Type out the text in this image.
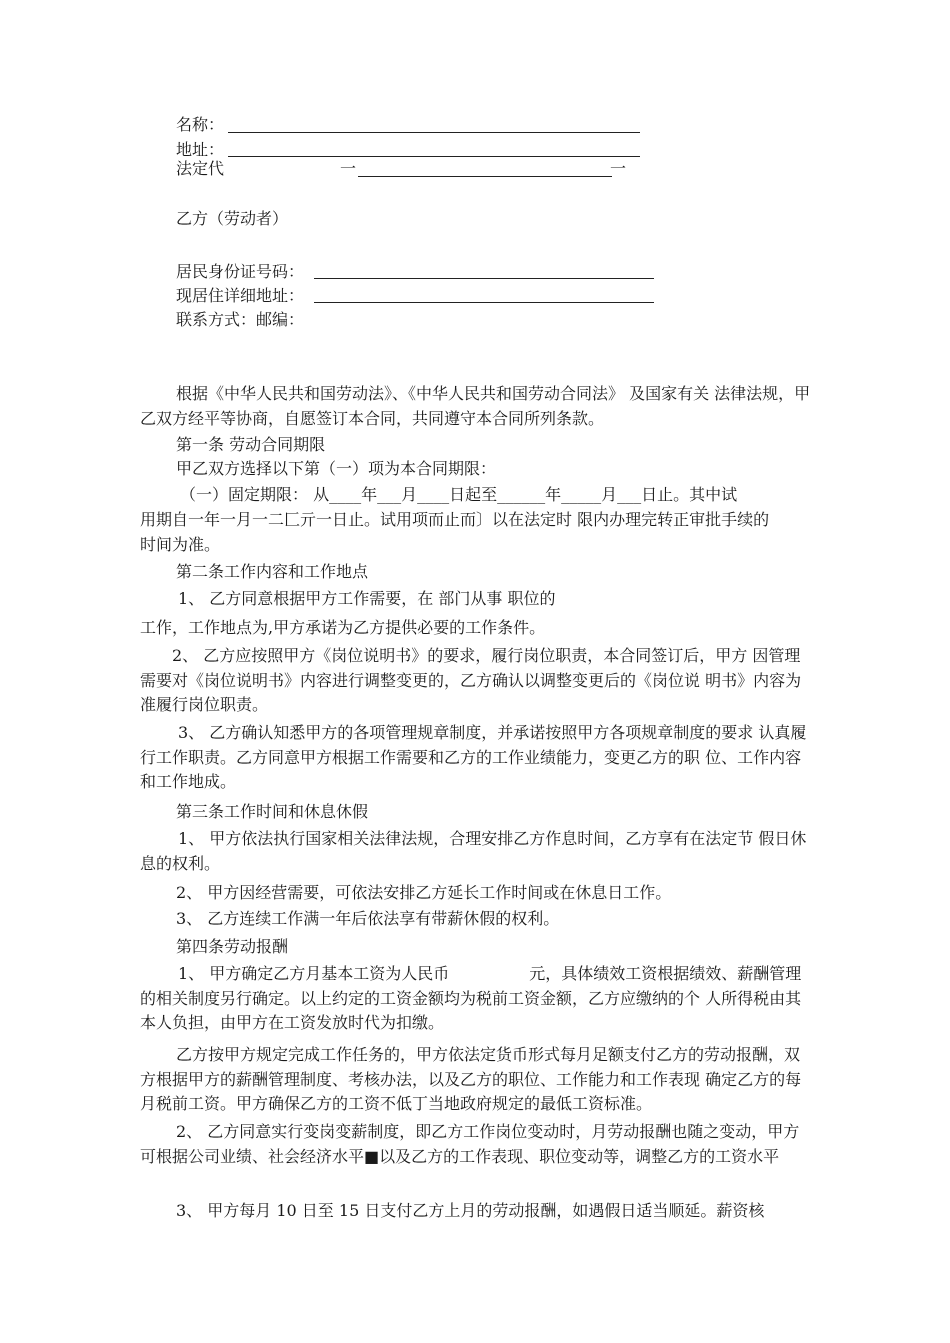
名称：
地址：
法定代	一	一
乙方（劳动者）
居民身份证号码：
现居住详细地址：
联系方式：邮编：
根据《中华人民共和国劳动法》、《中华人民共和国劳动合同法》 及国家有关 法律法规，甲乙双方经平等协商，自愿签订本合同，共同遵守本合同所列条款。
第一条 劳动合同期限
甲乙双方选择以下第（一）项为本合同期限：
（一）固定期限： 从____年___月____日起至______年_____月___日止。其中试
用期自一年一月一二匚亓一日止。试用项而止而〕以在法定时 限内办理完转正审批手续的
时间为准。
第二条工作内容和工作地点
1、 乙方同意根据甲方工作需要，在 部门从事 职位的
工作，工作地点为,甲方承诺为乙方提供必要的工作条件。
2、 乙方应按照甲方《岗位说明书》的要求，履行岗位职责，本合同签订后，甲方 因管理需要对《岗位说明书》内容进行调整变更的，乙方确认以调整变更后的《岗位说 明书》内容为准履行岗位职责。
3、 乙方确认知悉甲方的各项管理规章制度，并承诺按照甲方各项规章制度的要求 认真履行工作职责。乙方同意甲方根据工作需要和乙方的工作业绩能力，变更乙方的职 位、工作内容和工作地成。
第三条工作时间和休息休假
1、 甲方依法执行国家相关法律法规，合理安排乙方作息时间，乙方享有在法定节 假日休息的权利。
2、 甲方因经营需要，可依法安排乙方延长工作时间或在休息日工作。
3、 乙方连续工作满一年后依法享有带薪休假的权利。
第四条劳动报酬
1、 甲方确定乙方月基本工资为人民币　　　　　元，具体绩效工资根据绩效、薪酬管理的相关制度另行确定。以上约定的工资金额均为税前工资金额，乙方应缴纳的个 人所得税由其本人负担，由甲方在工资发放时代为扣缴。
乙方按甲方规定完成工作任务的，甲方依法定货币形式每月足额支付乙方的劳动报酬，双方根据甲方的薪酬管理制度、考核办法，以及乙方的职位、工作能力和工作表现 确定乙方的每月税前工资。甲方确保乙方的工资不低丁当地政府规定的最低工资标准。
2、 乙方同意实行变岗变薪制度，即乙方工作岗位变动时，月劳动报酬也随之变动，甲方可根据公司业绩、社会经济水平■以及乙方的工作表现、职位变动等，调整乙方的工资水平
3、 甲方每月 10 日至 15 日支付乙方上月的劳动报酬，如遇假日适当顺延。薪资核
